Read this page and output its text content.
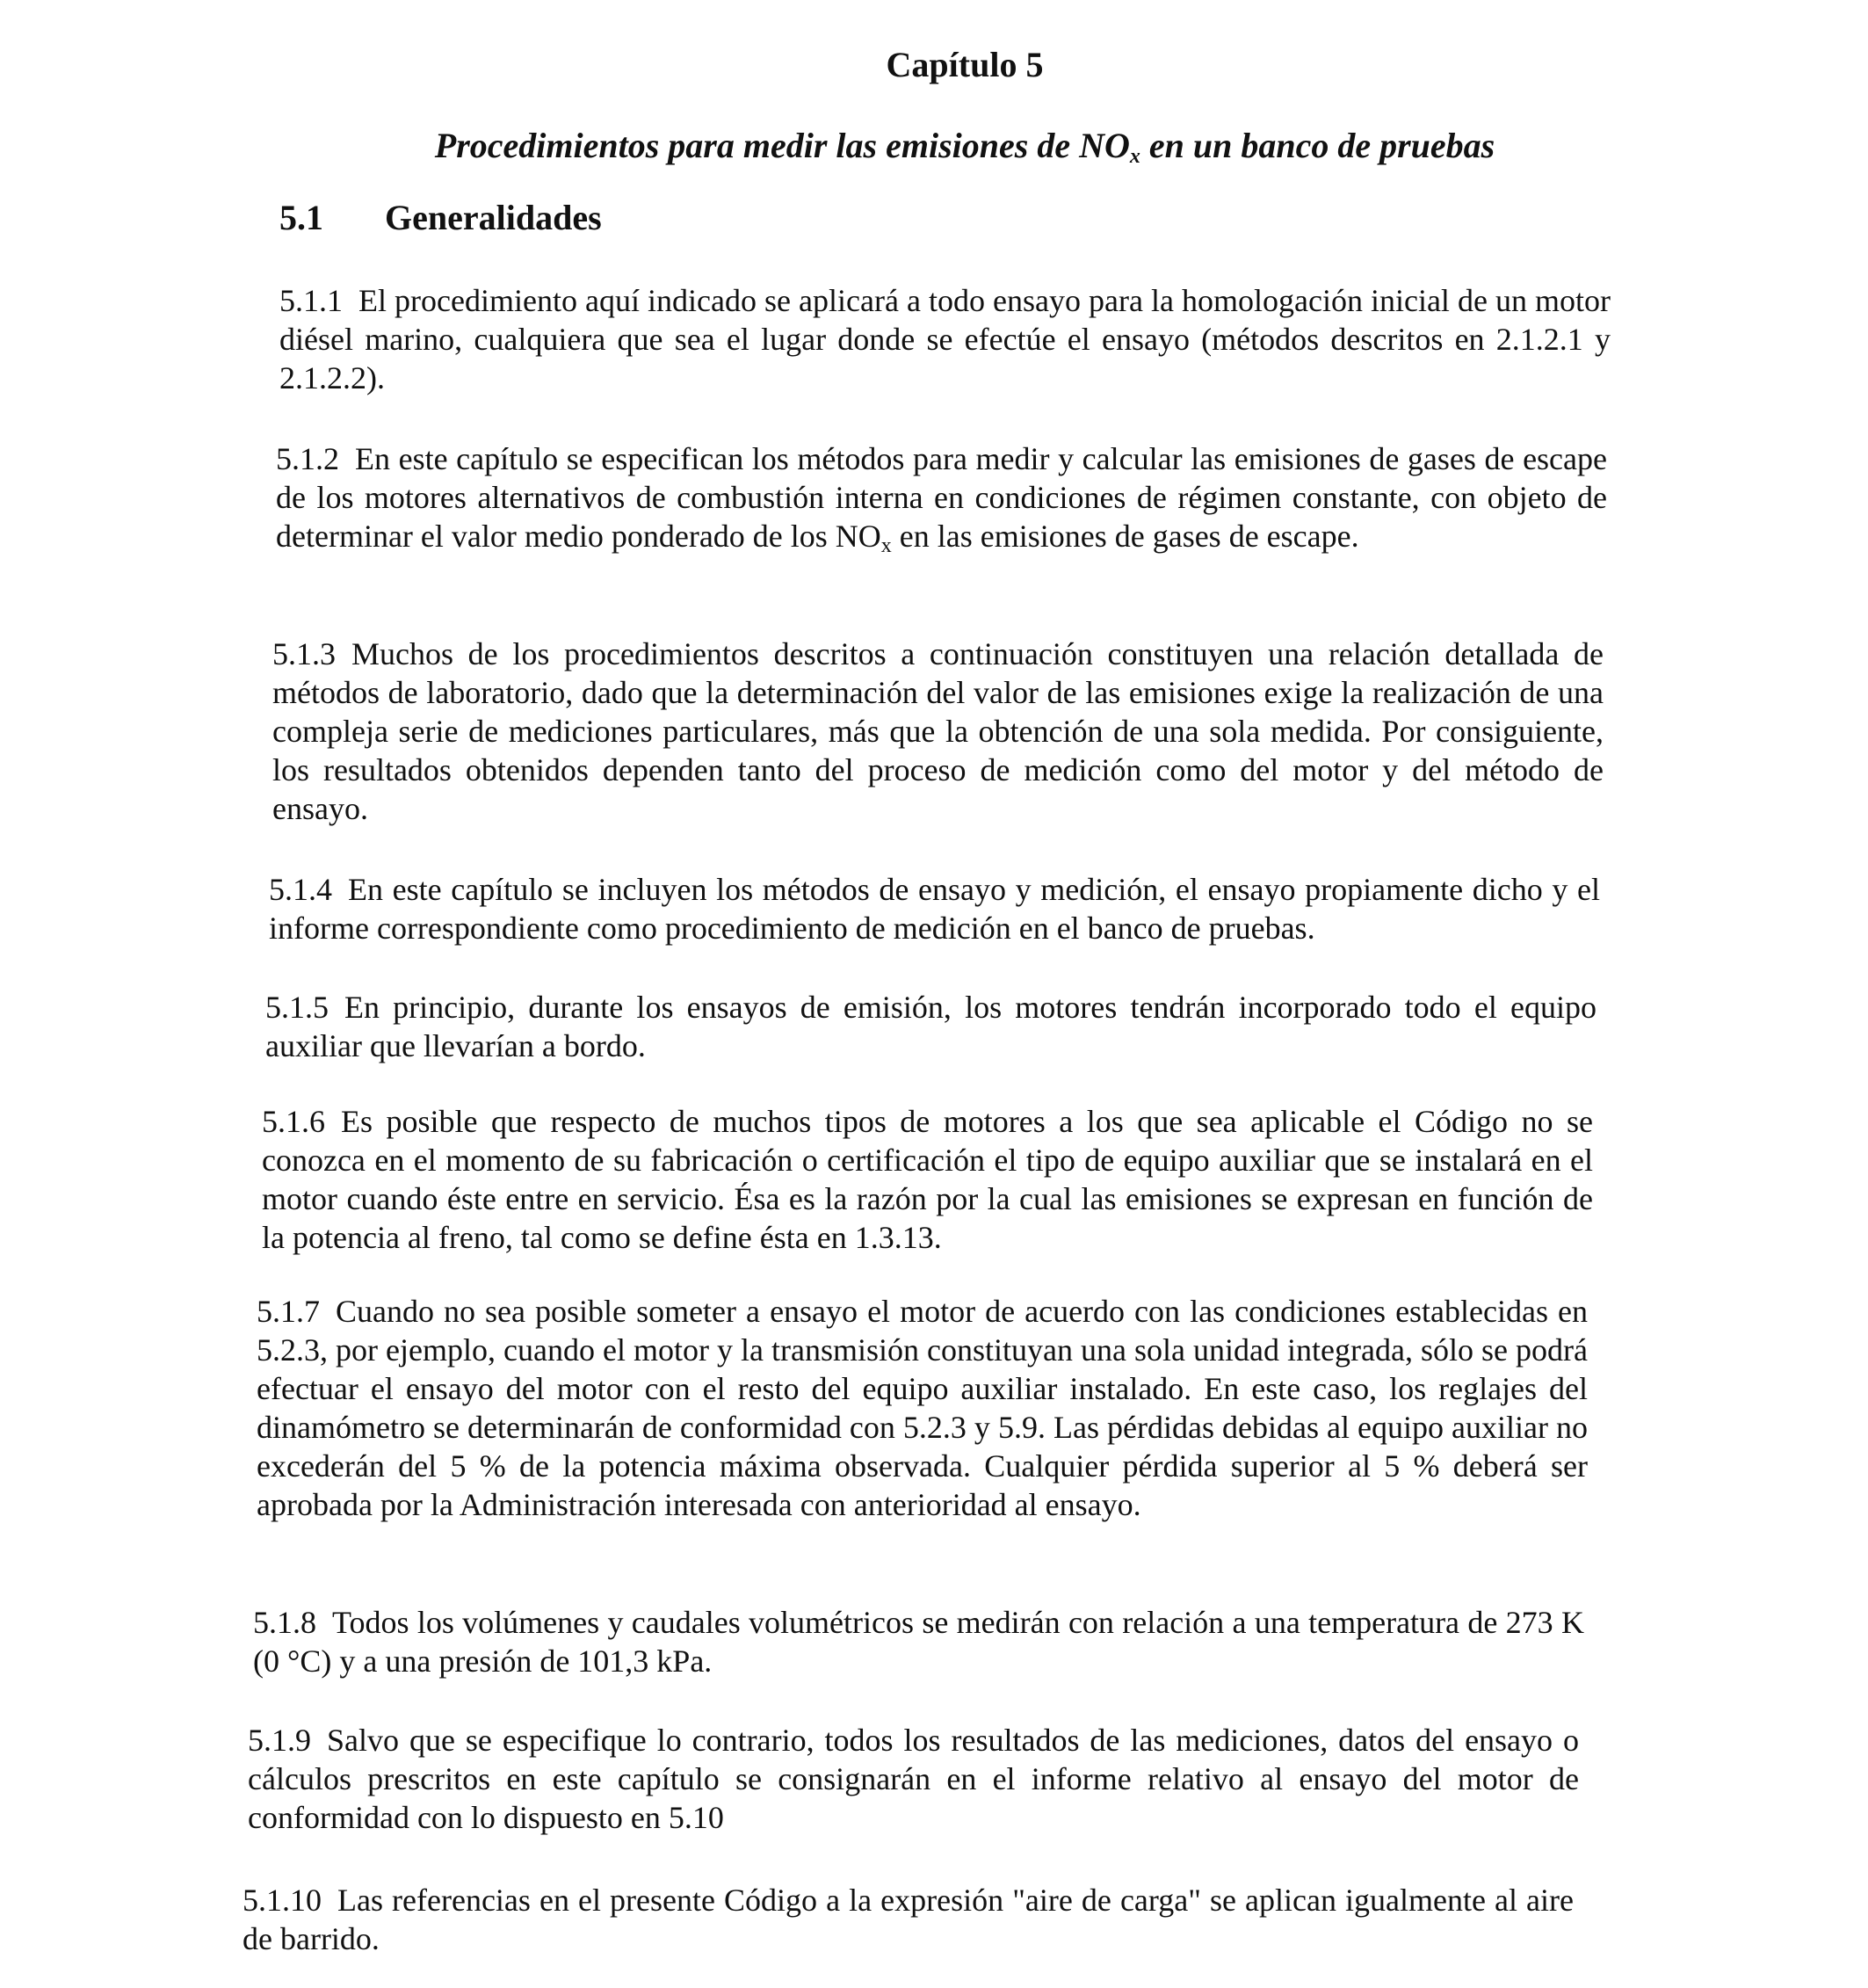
Capítulo 5
Procedimientos para medir las emisiones de $NO_x$ en un banco de pruebas
5.1	Generalidades

5.1.1 El procedimiento aquí indicado se aplicará a todo ensayo para la homologación inicial de un motor diésel marino, cualquiera que sea el lugar donde se efectúe el ensayo (métodos descritos en 2.1.2.1 y 2.1.2.2).

5.1.2 En este capítulo se especifican los métodos para medir y calcular las emisiones de gases de escape de los motores alternativos de combustión interna en condiciones de régimen constante, con objeto de determinar el valor medio ponderado de los $NO_x$ en las emisiones de gases de escape.

5.1.3 Muchos de los procedimientos descritos a continuación constituyen una relación detallada de métodos de laboratorio, dado que la determinación del valor de las emisiones exige la realización de una compleja serie de mediciones particulares, más que la obtención de una sola medida. Por consiguiente, los resultados obtenidos dependen tanto del proceso de medición como del motor y del método de ensayo.

5.1.4 En este capítulo se incluyen los métodos de ensayo y medición, el ensayo propiamente dicho y el informe correspondiente como procedimiento de medición en el banco de pruebas.

5.1.5 En principio, durante los ensayos de emisión, los motores tendrán incorporado todo el equipo auxiliar que llevarían a bordo.

5.1.6 Es posible que respecto de muchos tipos de motores a los que sea aplicable el Código no se conozca en el momento de su fabricación o certificación el tipo de equipo auxiliar que se instalará en el motor cuando éste entre en servicio. Ésa es la razón por la cual las emisiones se expresan en función de la potencia al freno, tal como se define ésta en 1.3.13.

5.1.7 Cuando no sea posible someter a ensayo el motor de acuerdo con las condiciones establecidas en 5.2.3, por ejemplo, cuando el motor y la transmisión constituyan una sola unidad integrada, sólo se podrá efectuar el ensayo del motor con el resto del equipo auxiliar instalado. En este caso, los reglajes del dinamómetro se determinarán de conformidad con 5.2.3 y 5.9. Las pérdidas debidas al equipo auxiliar no excederán del 5 % de la potencia máxima observada. Cualquier pérdida superior al 5 % deberá ser aprobada por la Administración interesada con anterioridad al ensayo.

5.1.8 Todos los volúmenes y caudales volumétricos se medirán con relación a una temperatura de 273 K (0 °C) y a una presión de 101,3 kPa.

5.1.9 Salvo que se especifique lo contrario, todos los resultados de las mediciones, datos del ensayo o cálculos prescritos en este capítulo se consignarán en el informe relativo al ensayo del motor de conformidad con lo dispuesto en 5.10

5.1.10 Las referencias en el presente Código a la expresión "aire de carga" se aplican igualmente al aire de barrido.
